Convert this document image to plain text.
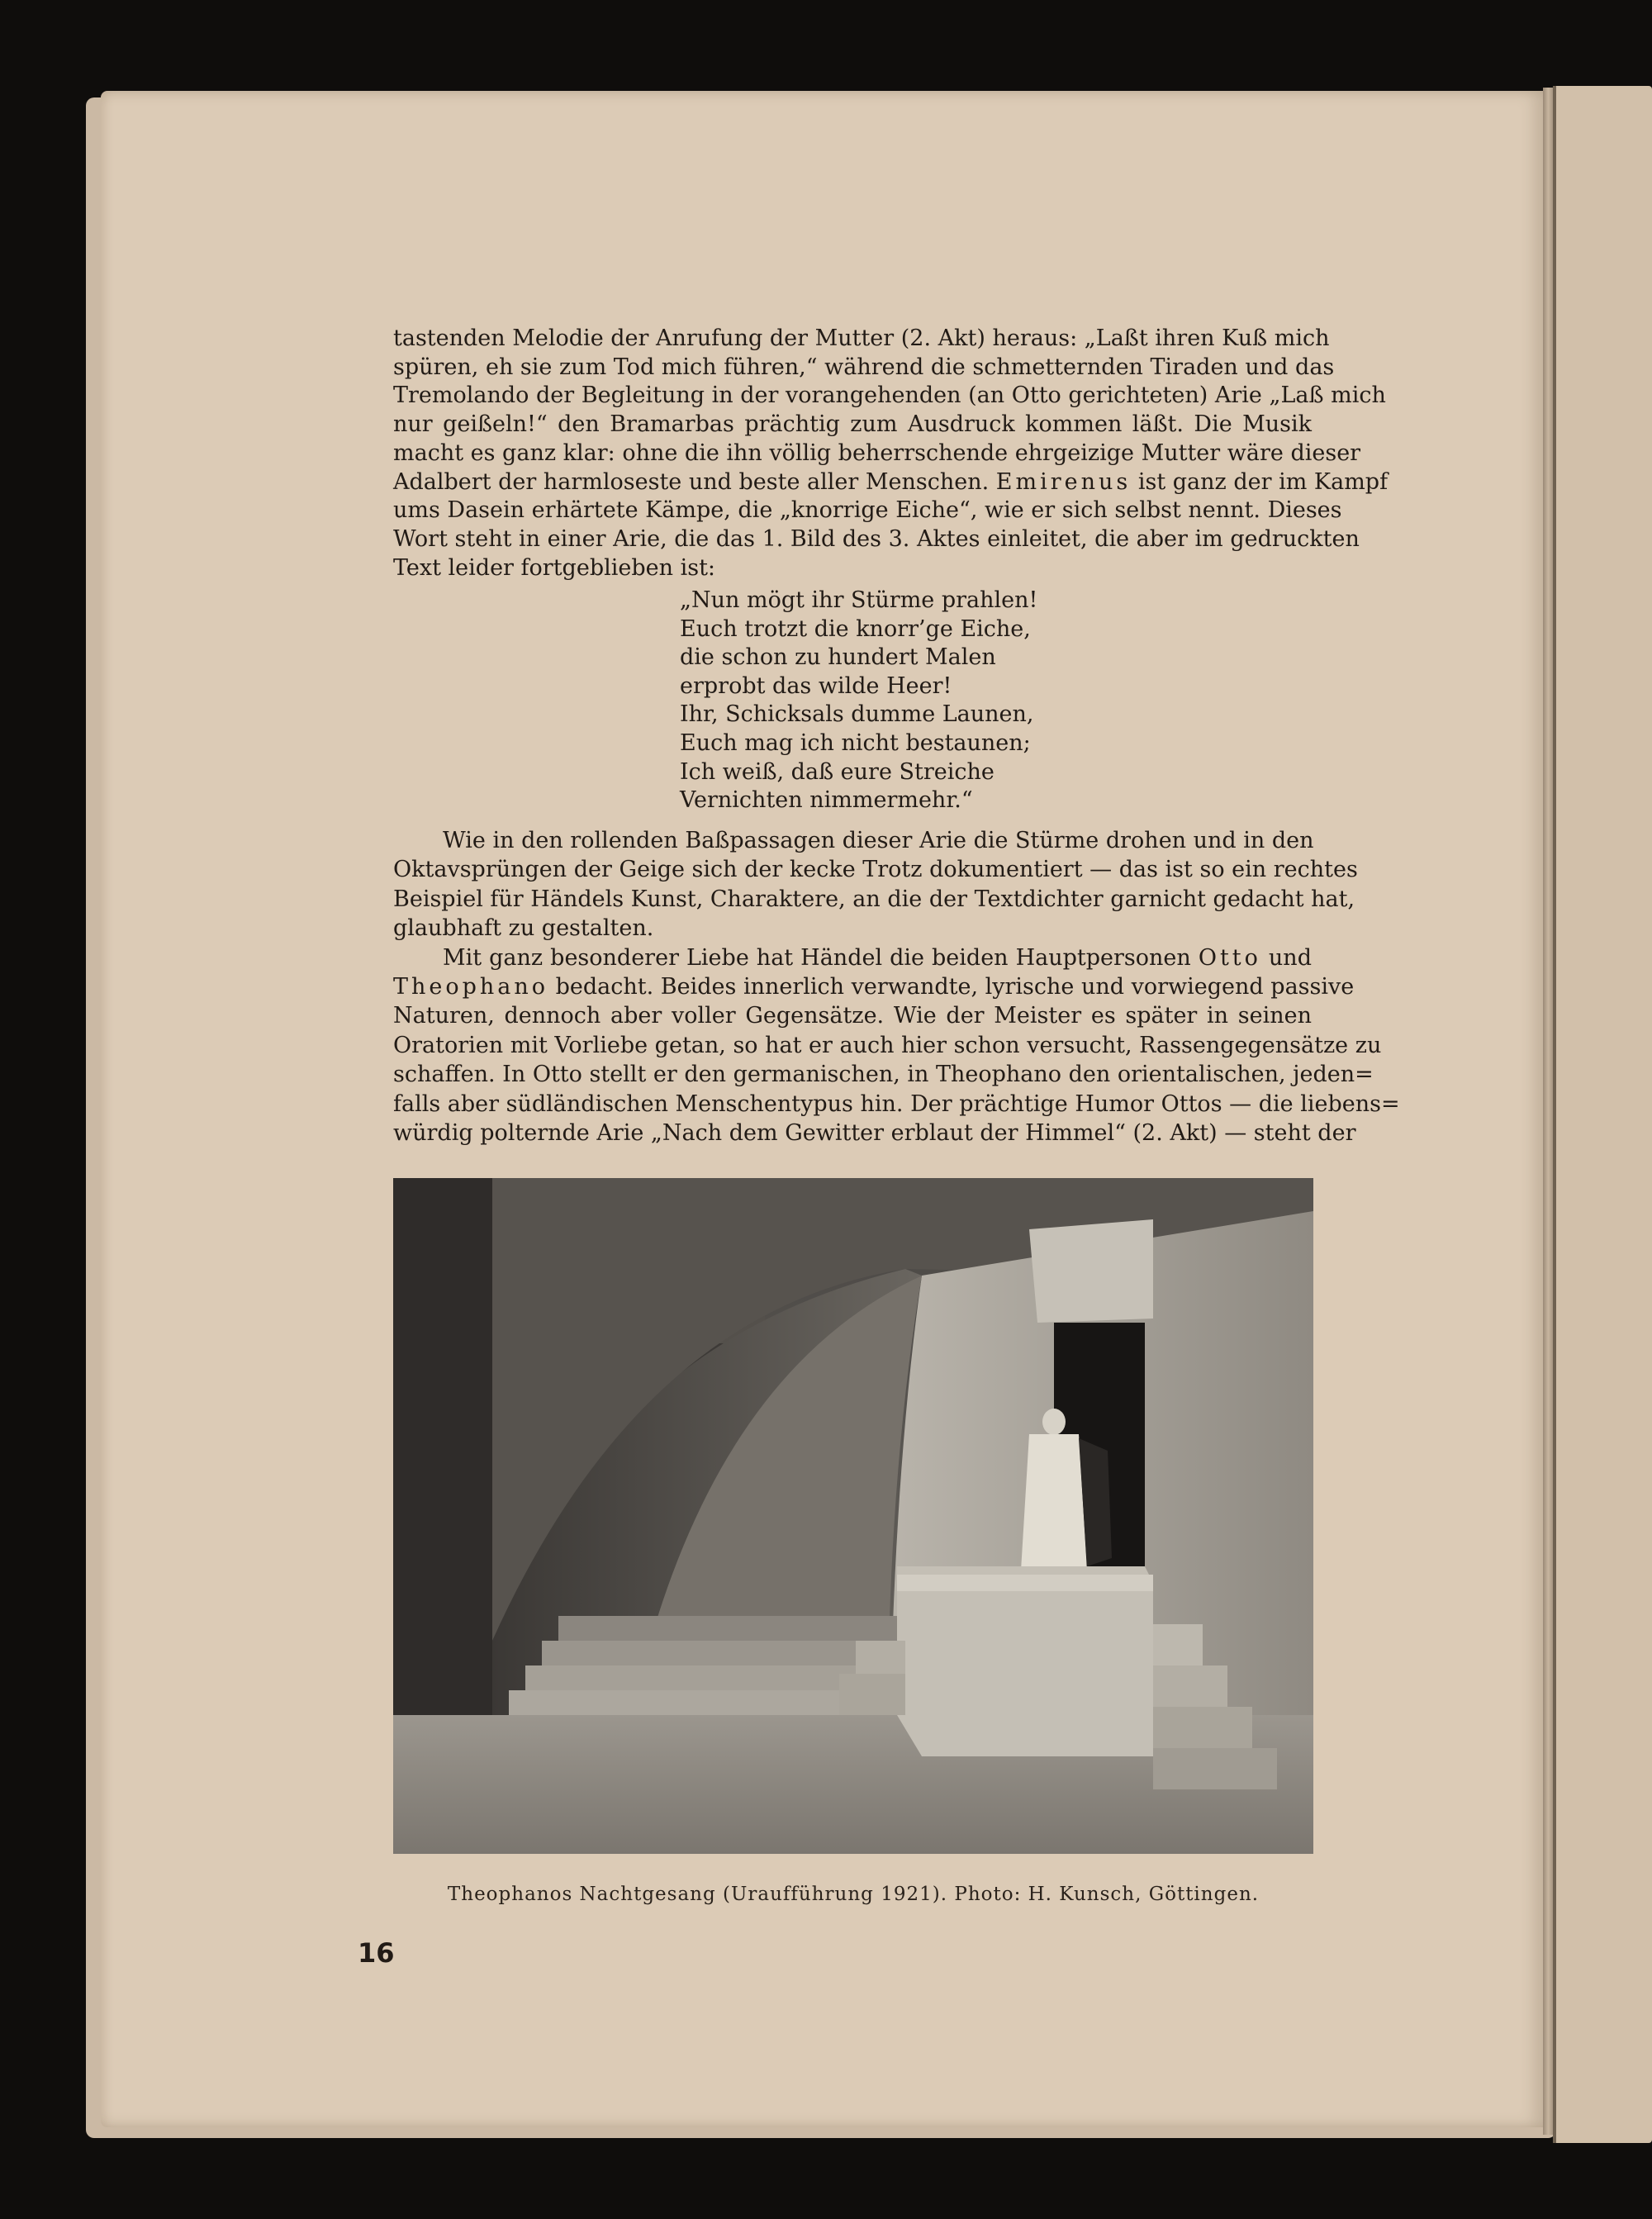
tastenden Melodie der Anrufung der Mutter (2. Akt) heraus: „Laßt ihren Kuß mich
spüren, eh sie zum Tod mich führen,“ während die schmetternden Tiraden und das
Tremolando der Begleitung in der vorangehenden (an Otto gerichteten) Arie „Laß mich
nur geißeln!“ den Bramarbas prächtig zum Ausdruck kommen läßt. Die Musik
macht es ganz klar: ohne die ihn völlig beherrschende ehrgeizige Mutter wäre dieser
Adalbert der harmloseste und beste aller Menschen. Emirenus ist ganz der im Kampf
ums Dasein erhärtete Kämpe, die „knorrige Eiche“, wie er sich selbst nennt. Dieses
Wort steht in einer Arie, die das 1. Bild des 3. Aktes einleitet, die aber im gedruckten
Text leider fortgeblieben ist:
„Nun mögt ihr Stürme prahlen!
Euch trotzt die knorr’ge Eiche,
die schon zu hundert Malen
erprobt das wilde Heer!
Ihr, Schicksals dumme Launen,
Euch mag ich nicht bestaunen;
Ich weiß, daß eure Streiche
Vernichten nimmermehr.“
Wie in den rollenden Baßpassagen dieser Arie die Stürme drohen und in den
Oktavsprüngen der Geige sich der kecke Trotz dokumentiert — das ist so ein rechtes
Beispiel für Händels Kunst, Charaktere, an die der Textdichter garnicht gedacht hat,
glaubhaft zu gestalten.
Mit ganz besonderer Liebe hat Händel die beiden Hauptpersonen Otto und
Theophano bedacht. Beides innerlich verwandte, lyrische und vorwiegend passive
Naturen, dennoch aber voller Gegensätze. Wie der Meister es später in seinen
Oratorien mit Vorliebe getan, so hat er auch hier schon versucht, Rassengegensätze zu
schaffen. In Otto stellt er den germanischen, in Theophano den orientalischen, jeden=
falls aber südländischen Menschentypus hin. Der prächtige Humor Ottos — die liebens=
würdig polternde Arie „Nach dem Gewitter erblaut der Himmel“ (2. Akt) — steht der
Theophanos Nachtgesang (Uraufführung 1921). Photo: H. Kunsch, Göttingen.
16
